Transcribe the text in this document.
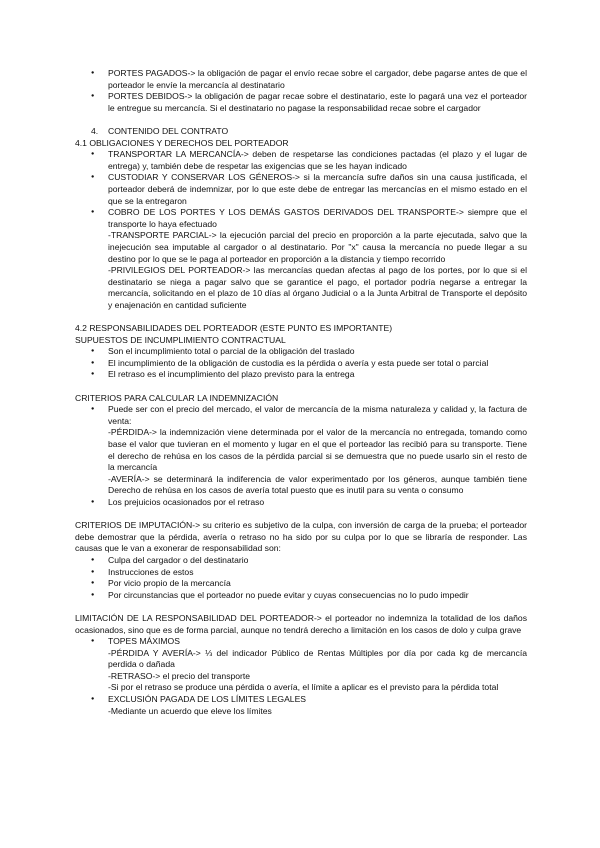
● PORTES PAGADOS-> la obligación de pagar el envío recae sobre el cargador, debe pagarse antes de que el porteador le envíe la mercancía al destinatario

● PORTES DEBIDOS-> la obligación de pagar recae sobre el destinatario, este lo pagará una vez el porteador le entregue su mercancía. Si el destinatario no pagase la responsabilidad recae sobre el cargador

4. CONTENIDO DEL CONTRATO

4.1 OBLIGACIONES Y DERECHOS DEL PORTEADOR

● TRANSPORTAR LA MERCANCÍA-> deben de respetarse las condiciones pactadas (el plazo y el lugar de entrega) y, también debe de respetar las exigencias que se les hayan indicado

● CUSTODIAR Y CONSERVAR LOS GÉNEROS-> si la mercancía sufre daños sin una causa justificada, el porteador deberá de indemnizar, por lo que este debe de entregar las mercancías en el mismo estado en el que se la entregaron

● COBRO DE LOS PORTES Y LOS DEMÁS GASTOS DERIVADOS DEL TRANSPORTE-> siempre que el transporte lo haya efectuado

-TRANSPORTE PARCIAL-> la ejecución parcial del precio en proporción a la parte ejecutada, salvo que la inejecución sea imputable al cargador o al destinatario. Por "x" causa la mercancía no puede llegar a su destino por lo que se le paga al porteador en proporción a la distancia y tiempo recorrido

-PRIVILEGIOS DEL PORTEADOR-> las mercancías quedan afectas al pago de los portes, por lo que si el destinatario se niega a pagar salvo que se garantice el pago, el portador podría negarse a entregar la mercancía, solicitando en el plazo de 10 días al órgano Judicial o a la Junta Arbitral de Transporte el depósito y enajenación en cantidad suficiente

4.2 RESPONSABILIDADES DEL PORTEADOR (ESTE PUNTO ES IMPORTANTE)

SUPUESTOS DE INCUMPLIMIENTO CONTRACTUAL

● Son el incumplimiento total o parcial de la obligación del traslado

● El incumplimiento de la obligación de custodia es la pérdida o avería y esta puede ser total o parcial

● El retraso es el incumplimiento del plazo previsto para la entrega

CRITERIOS PARA CALCULAR LA INDEMNIZACIÓN

● Puede ser con el precio del mercado, el valor de mercancía de la misma naturaleza y calidad y, la factura de venta:

-PÉRDIDA-> la indemnización viene determinada por el valor de la mercancía no entregada, tomando como base el valor que tuvieran en el momento y lugar en el que el porteador las recibió para su transporte. Tiene el derecho de rehúsa en los casos de la pérdida parcial si se demuestra que no puede usarlo sin el resto de la mercancía

-AVERÍA-> se determinará la indiferencia de valor experimentado por los géneros, aunque también tiene Derecho de rehúsa en los casos de avería total puesto que es inutil para su venta o consumo

● Los prejuicios ocasionados por el retraso

CRITERIOS DE IMPUTACIÓN-> su criterio es subjetivo de la culpa, con inversión de carga de la prueba; el porteador debe demostrar que la pérdida, avería o retraso no ha sido por su culpa por lo que se libraría de responder. Las causas que le van a exonerar de responsabilidad son:

● Culpa del cargador o del destinatario

● Instrucciones de estos

● Por vicio propio de la mercancía

● Por circunstancias que el porteador no puede evitar y cuyas consecuencias no lo pudo impedir

LIMITACIÓN DE LA RESPONSABILIDAD DEL PORTEADOR-> el porteador no indemniza la totalidad de los daños ocasionados, sino que es de forma parcial, aunque no tendrá derecho a limitación en los casos de dolo y culpa grave

● TOPES MÁXIMOS

-PÉRDIDA Y AVERÍA-> ⅓ del indicador Público de Rentas Múltiples por día por cada kg de mercancía perdida o dañada

-RETRASO-> el precio del transporte

-Si por el retraso se produce una pérdida o avería, el límite a aplicar es el previsto para la pérdida total

● EXCLUSIÓN PAGADA DE LOS LÍMITES LEGALES

-Mediante un acuerdo que eleve los límites
